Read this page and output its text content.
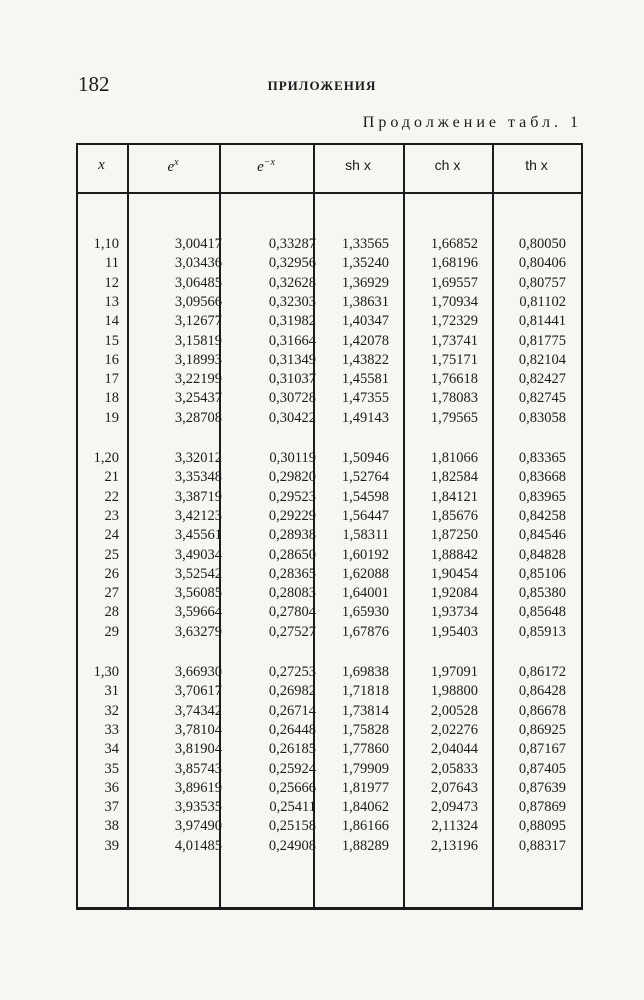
182	ПРИЛОЖЕНИЯ
Продолжение табл. 1
x	$e^x$	$e^{-x}$	sh x	ch x	th x
1,10	3,00417	0,33287 1,33565	1,66852	0,80050
11	3,03436	0,32956 1,35240	1,68196	0,80406
12	3,06485	0,32628 1,36929	1,69557	0,80757
13	3,09566	0,32303 1,38631	1,70934	0,81102
14	3,12677	0,31982 1,40347	1,72329	0,81441
15	3,15819	0,31664 1,42078	1,73741	0,81775
16	3,18993	0,31349 1,43822	1,75171	0,82104
17	3,22199	0,31037 1,45581	1,76618	0,82427
18	3,25437	0,30728 1,47355	1,78083	0,82745
19	3,28708	0,30422 1,49143	1,79565	0,83058
1,20	3,32012	0,30119 1,50946	1,81066	0,83365
21	3,35348	0,29820 1,52764	1,82584	0,83668
22	3,38719	0,29523 1,54598	1,84121	0,83965
23	3,42123	0,29229 1,56447	1,85676	0,84258
24	3,45561	0,28938 1,58311	1,87250	0,84546
25	3,49034	0,28650 1,60192	1,88842	0,84828
26	3,52542	0,28365 1,62088	1,90454	0,85106
27	3,56085	0,28083 1,64001	1,92084	0,85380
28	3,59664	0,27804 1,65930	1,93734	0,85648
29	3,63279	0,27527 1,67876	1,95403	0,85913
1,30	3,66930	0,27253 1,69838	1,97091	0,86172
31	3,70617	0,26982 1,71818	1,98800	0,86428
32	3,74342	0,26714 1,73814	2,00528	0,86678
33	3,78104	0,26448 1,75828	2,02276	0,86925
34	3,81904	0,26185 1,77860	2,04044	0,87167
35	3,85743	0,25924 1,79909	2,05833	0,87405
36	3,89619	0,25666 1,81977	2,07643	0,87639
37	3,93535	0,25411 1,84062	2,09473	0,87869
38	3,97490	0,25158 1,86166	2,11324	0,88095
39	4,01485	0,24908 1,88289	2,13196	0,88317
